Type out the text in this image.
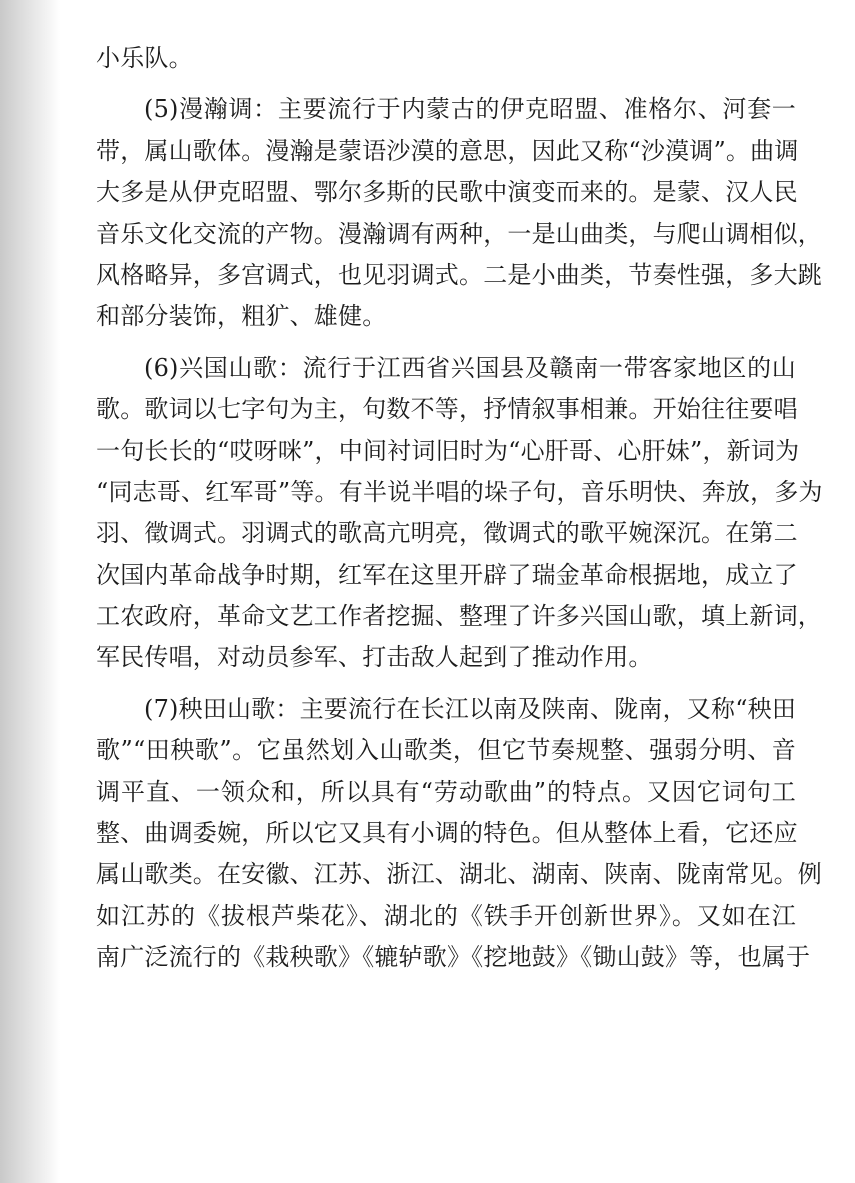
小乐队。
(5)漫瀚调：主要流行于内蒙古的伊克昭盟、准格尔、河套一
带，属山歌体。漫瀚是蒙语沙漠的意思，因此又称“沙漠调”。曲调
大多是从伊克昭盟、鄂尔多斯的民歌中演变而来的。是蒙、汉人民
音乐文化交流的产物。漫瀚调有两种，一是山曲类，与爬山调相似，
风格略异，多宫调式，也见羽调式。二是小曲类，节奏性强，多大跳
和部分装饰，粗犷、雄健。
(6)兴国山歌：流行于江西省兴国县及赣南一带客家地区的山
歌。歌词以七字句为主，句数不等，抒情叙事相兼。开始往往要唱
一句长长的“哎呀咪”，中间衬词旧时为“心肝哥、心肝妹”，新词为
“同志哥、红军哥”等。有半说半唱的垛子句，音乐明快、奔放，多为
羽、徵调式。羽调式的歌高亢明亮，徵调式的歌平婉深沉。在第二
次国内革命战争时期，红军在这里开辟了瑞金革命根据地，成立了
工农政府，革命文艺工作者挖掘、整理了许多兴国山歌，填上新词，
军民传唱，对动员参军、打击敌人起到了推动作用。
(7)秧田山歌：主要流行在长江以南及陕南、陇南，又称“秧田
歌”“田秧歌”。它虽然划入山歌类，但它节奏规整、强弱分明、音
调平直、一领众和，所以具有“劳动歌曲”的特点。又因它词句工
整、曲调委婉，所以它又具有小调的特色。但从整体上看，它还应
属山歌类。在安徽、江苏、浙江、湖北、湖南、陕南、陇南常见。例
如江苏的《拔根芦柴花》、湖北的《铁手开创新世界》。又如在江
南广泛流行的《栽秧歌》《辘轳歌》《挖地鼓》《锄山鼓》等，也属于
